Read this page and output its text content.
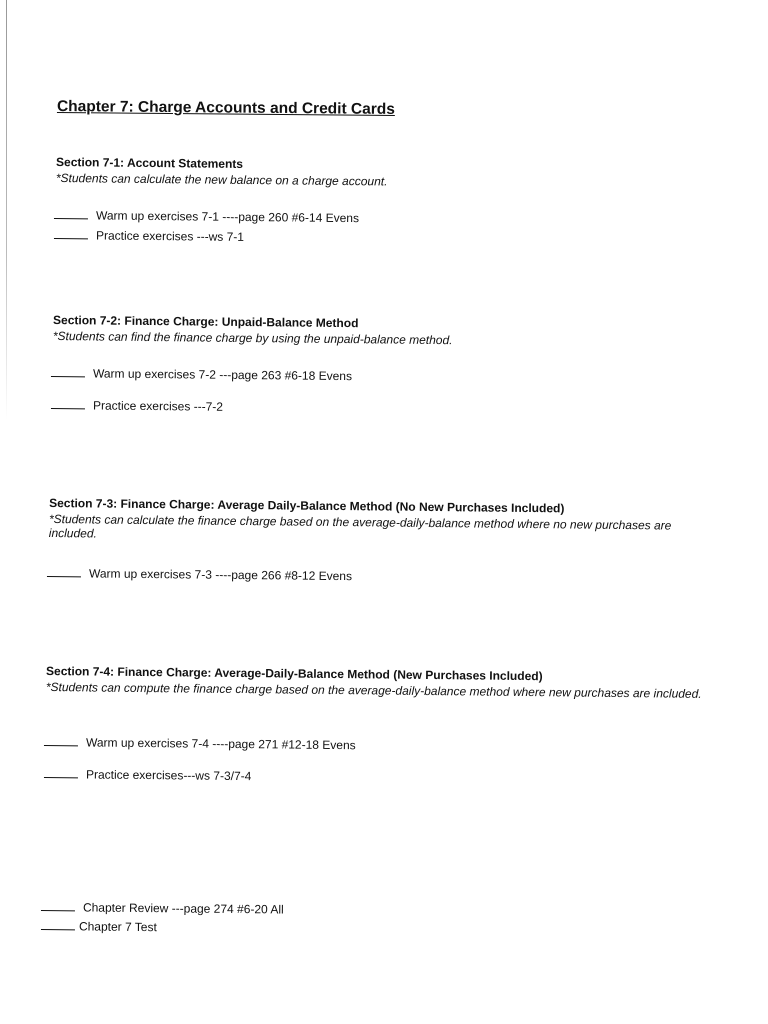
Chapter 7: Charge Accounts and Credit Cards
Section 7-1: Account Statements
*Students can calculate the new balance on a charge account.
Warm up exercises 7-1 ----page 260 #6-14 Evens
Practice exercises ---ws 7-1
Section 7-2: Finance Charge: Unpaid-Balance Method
*Students can find the finance charge by using the unpaid-balance method.
Warm up exercises 7-2 ---page 263 #6-18 Evens
Practice exercises ---7-2
Section 7-3: Finance Charge: Average Daily-Balance Method (No New Purchases Included)
*Students can calculate the finance charge based on the average-daily-balance method where no new purchases are included.
Warm up exercises 7-3 ----page 266 #8-12 Evens
Section 7-4: Finance Charge: Average-Daily-Balance Method (New Purchases Included)
*Students can compute the finance charge based on the average-daily-balance method where new purchases are included.
Warm up exercises 7-4 ----page 271 #12-18 Evens
Practice exercises---ws 7-3/7-4
Chapter Review ---page 274 #6-20 All
Chapter 7 Test
